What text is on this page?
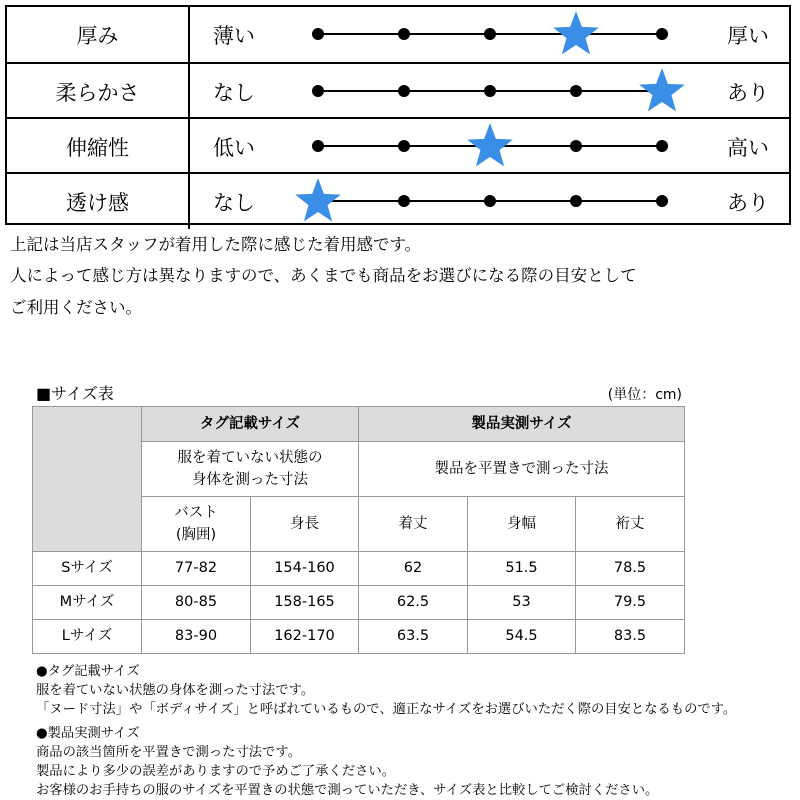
厚み	薄い	厚い
柔らかさ	なし	あり
伸縮性	低い	高い
透け感	なし	あり
上記は当店スタッフが着用した際に感じた着用感です。
人によって感じ方は異なりますので、あくまでも商品をお選びになる際の目安として
ご利用ください。
■サイズ表	(単位：cm)
	タグ記載サイズ		製品実測サイズ		

	服を着ていない状態の
身体を測った寸法		製品を平置きで測った寸法		

	バスト
(胸囲)	身長	着丈	身幅	裄丈
Sサイズ	77-82	154-160	62	51.5	78.5
Mサイズ	80-85	158-165	62.5	53	79.5
Lサイズ	83-90	162-170	63.5	54.5	83.5
●タグ記載サイズ
服を着ていない状態の身体を測った寸法です。
「ヌード寸法」や「ボディサイズ」と呼ばれているもので、適正なサイズをお選びいただく際の目安となるものです。
●製品実測サイズ
商品の該当箇所を平置きで測った寸法です。
製品により多少の誤差がありますので予めご了承ください。
お客様のお手持ちの服のサイズを平置きの状態で測っていただき、サイズ表と比較してご検討ください。
